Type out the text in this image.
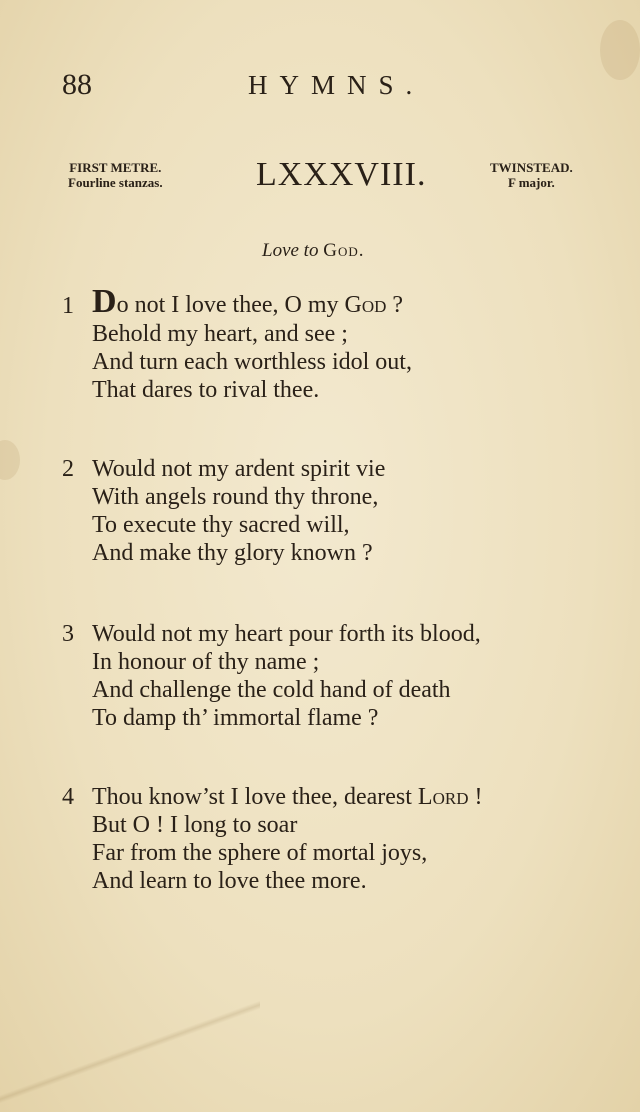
88	HYMNS.
FIRST METRE.
Fourline stanzas.	LXXXVIII.	TWINSTEAD.
F major.
Love to God.
1 Do not I love thee, O my God ?
Behold my heart, and see ;
And turn each worthless idol out,
That dares to rival thee.
2 Would not my ardent spirit vie
With angels round thy throne,
To execute thy sacred will,
And make thy glory known ?
3 Would not my heart pour forth its blood,
In honour of thy name ;
And challenge the cold hand of death
To damp th’ immortal flame ?
4 Thou know’st I love thee, dearest Lord !
But O ! I long to soar
Far from the sphere of mortal joys,
And learn to love thee more.
